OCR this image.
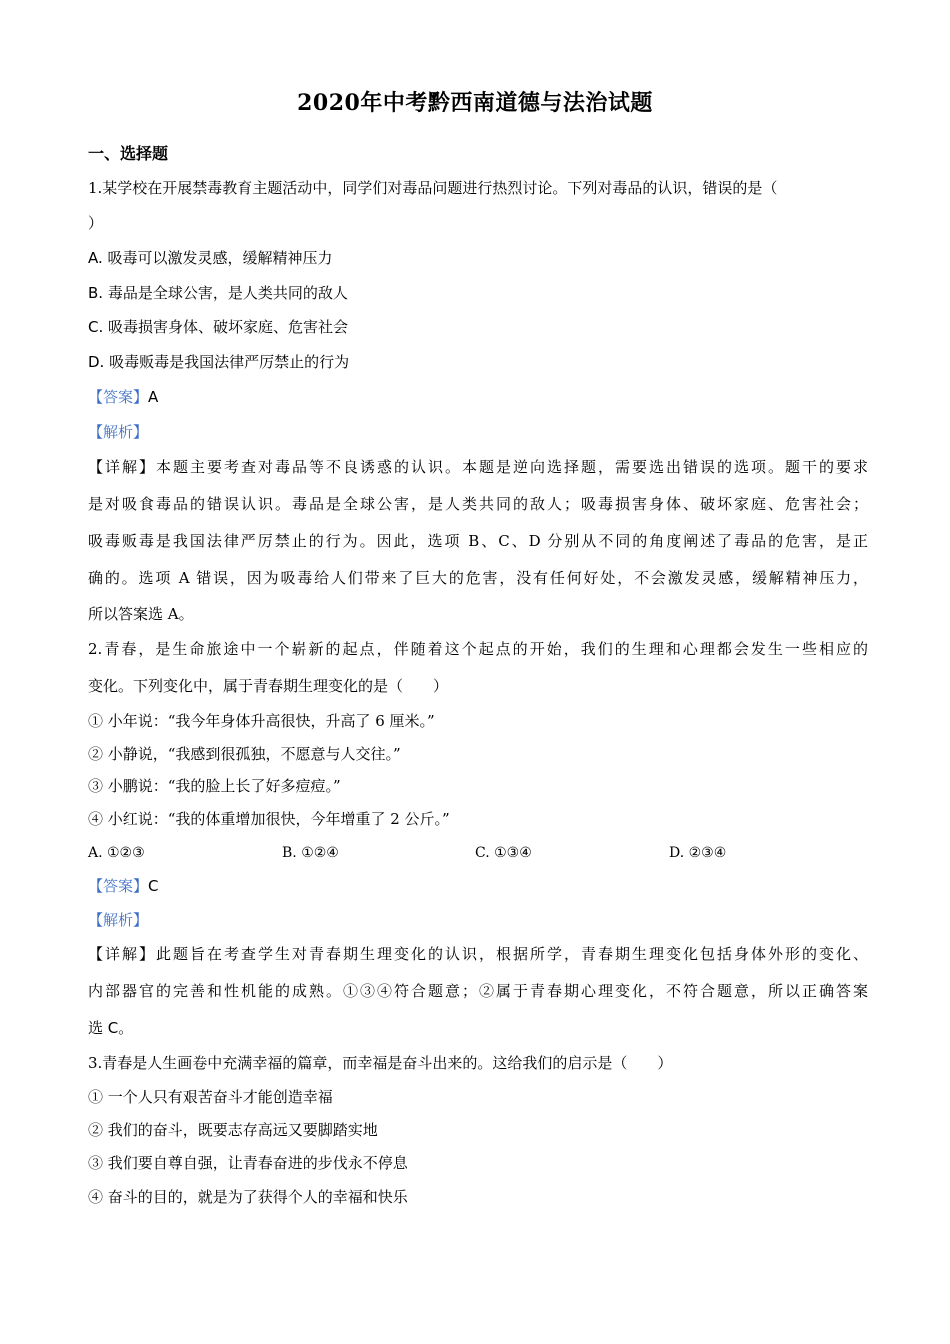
2020年中考黔西南道德与法治试题
一、选择题
1.某学校在开展禁毒教育主题活动中，同学们对毒品问题进行热烈讨论。下列对毒品的认识，错误的是（
）
A. 吸毒可以激发灵感，缓解精神压力
B. 毒品是全球公害，是人类共同的敌人
C. 吸毒损害身体、破坏家庭、危害社会
D. 吸毒贩毒是我国法律严厉禁止的行为
【答案】A
【解析】
【详解】本题主要考查对毒品等不良诱惑的认识。本题是逆向选择题，需要选出错误的选项。题干的要求
是对吸食毒品的错误认识。毒品是全球公害，是人类共同的敌人；吸毒损害身体、破坏家庭、危害社会；
吸毒贩毒是我国法律严厉禁止的行为。因此，选项 B、C、D 分别从不同的角度阐述了毒品的危害，是正
确的。选项 A 错误，因为吸毒给人们带来了巨大的危害，没有任何好处，不会激发灵感，缓解精神压力，
所以答案选 A。
2.青春，是生命旅途中一个崭新的起点，伴随着这个起点的开始，我们的生理和心理都会发生一些相应的
变化。下列变化中，属于青春期生理变化的是（　　）
① 小年说：“我今年身体升高很快，升高了 6 厘米。”
② 小静说，“我感到很孤独，不愿意与人交往。”
③ 小鹏说：“我的脸上长了好多痘痘。”
④ 小红说：“我的体重增加很快，今年增重了 2 公斤。”
A. ①②③	B. ①②④	C. ①③④	D. ②③④
【答案】C
【解析】
【详解】此题旨在考查学生对青春期生理变化的认识，根据所学，青春期生理变化包括身体外形的变化、
内部器官的完善和性机能的成熟。①③④符合题意；②属于青春期心理变化，不符合题意，所以正确答案
选 C。
3.青春是人生画卷中充满幸福的篇章，而幸福是奋斗出来的。这给我们的启示是（　　）
① 一个人只有艰苦奋斗才能创造幸福
② 我们的奋斗，既要志存高远又要脚踏实地
③ 我们要自尊自强，让青春奋进的步伐永不停息
④ 奋斗的目的，就是为了获得个人的幸福和快乐
